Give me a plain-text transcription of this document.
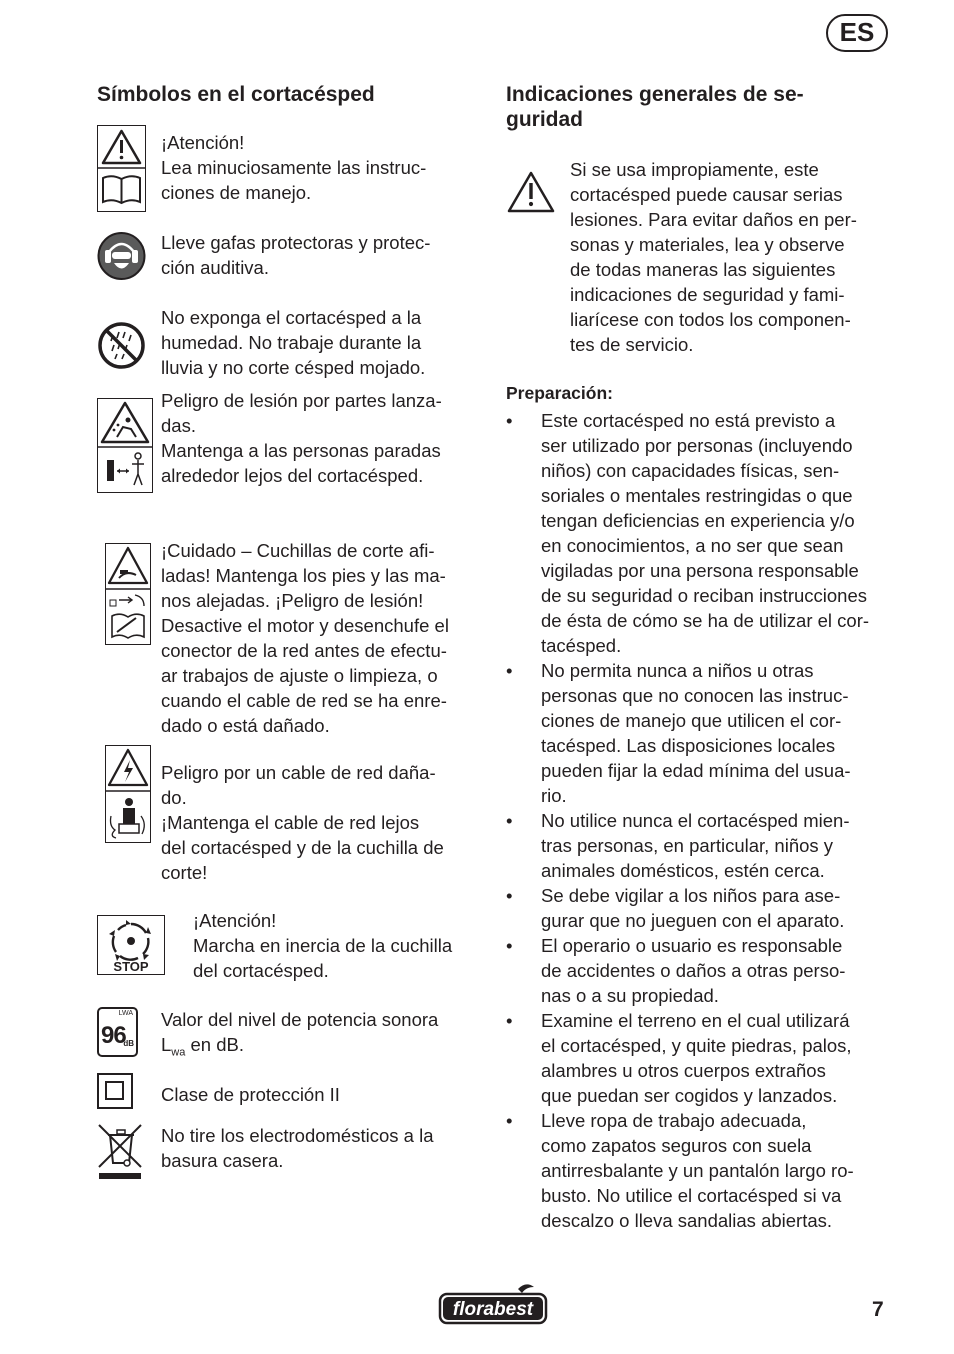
ES
Símbolos en el cortacésped
¡Atención!
Lea minuciosamente las instruc-
ciones de manejo.
Lleve gafas protectoras y protec-
ción auditiva.
No exponga el cortacésped a la
humedad. No trabaje durante la
lluvia y no corte césped mojado.
Peligro de lesión por partes lanza-
das.
Mantenga a las personas paradas
alrededor lejos del cortacésped.
¡Cuidado – Cuchillas de corte afi-
ladas! Mantenga los pies y las ma-
nos alejadas. ¡Peligro de lesión!
Desactive el motor y desenchufe el
conector de la red antes de efectu-
ar trabajos de ajuste o limpieza, o
cuando el cable de red se ha enre-
dado o está dañado.
Peligro por un cable de red daña-
do.
¡Mantenga el cable de red lejos
del cortacésped y de la cuchilla de
corte!
STOP
¡Atención!
Marcha en inercia de la cuchilla
del cortacésped.
LWA
96
dB
Valor del nivel de potencia sonora
$L_{wa}$ en dB.
Clase de protección II
No tire los electrodomésticos a la
basura casera.
Indicaciones generales de se-
guridad
Si se usa impropiamente, este
cortacésped puede causar serias
lesiones. Para evitar daños en per-
sonas y materiales, lea y observe
de todas maneras las siguientes
indicaciones de seguridad y fami-
liarícese con todos los componen-
tes de servicio.
Preparación:
• Este cortacésped no está previsto a
ser utilizado por personas (incluyendo
niños) con capacidades físicas, sen-
soriales o mentales restringidas o que
tengan deficiencias en experiencia y/o
en conocimientos, a no ser que sean
vigiladas por una persona responsable
de su seguridad o reciban instrucciones
de ésta de cómo se ha de utilizar el cor-
tacésped.
• No permita nunca a niños u otras
personas que no conocen las instruc-
ciones de manejo que utilicen el cor-
tacésped. Las disposiciones locales
pueden fijar la edad mínima del usua-
rio.
• No utilice nunca el cortacésped mien-
tras personas, en particular, niños y
animales domésticos, estén cerca.
• Se debe vigilar a los niños para ase-
gurar que no jueguen con el aparato.
• El operario o usuario es responsable
de accidentes o daños a otras perso-
nas o a su propiedad.
• Examine el terreno en el cual utilizará
el cortacésped, y quite piedras, palos,
alambres u otros cuerpos extraños
que puedan ser cogidos y lanzados.
• Lleve ropa de trabajo adecuada,
como zapatos seguros con suela
antirresbalante y un pantalón largo ro-
busto. No utilice el cortacésped si va
descalzo o lleva sandalias abiertas.
florabest	7
